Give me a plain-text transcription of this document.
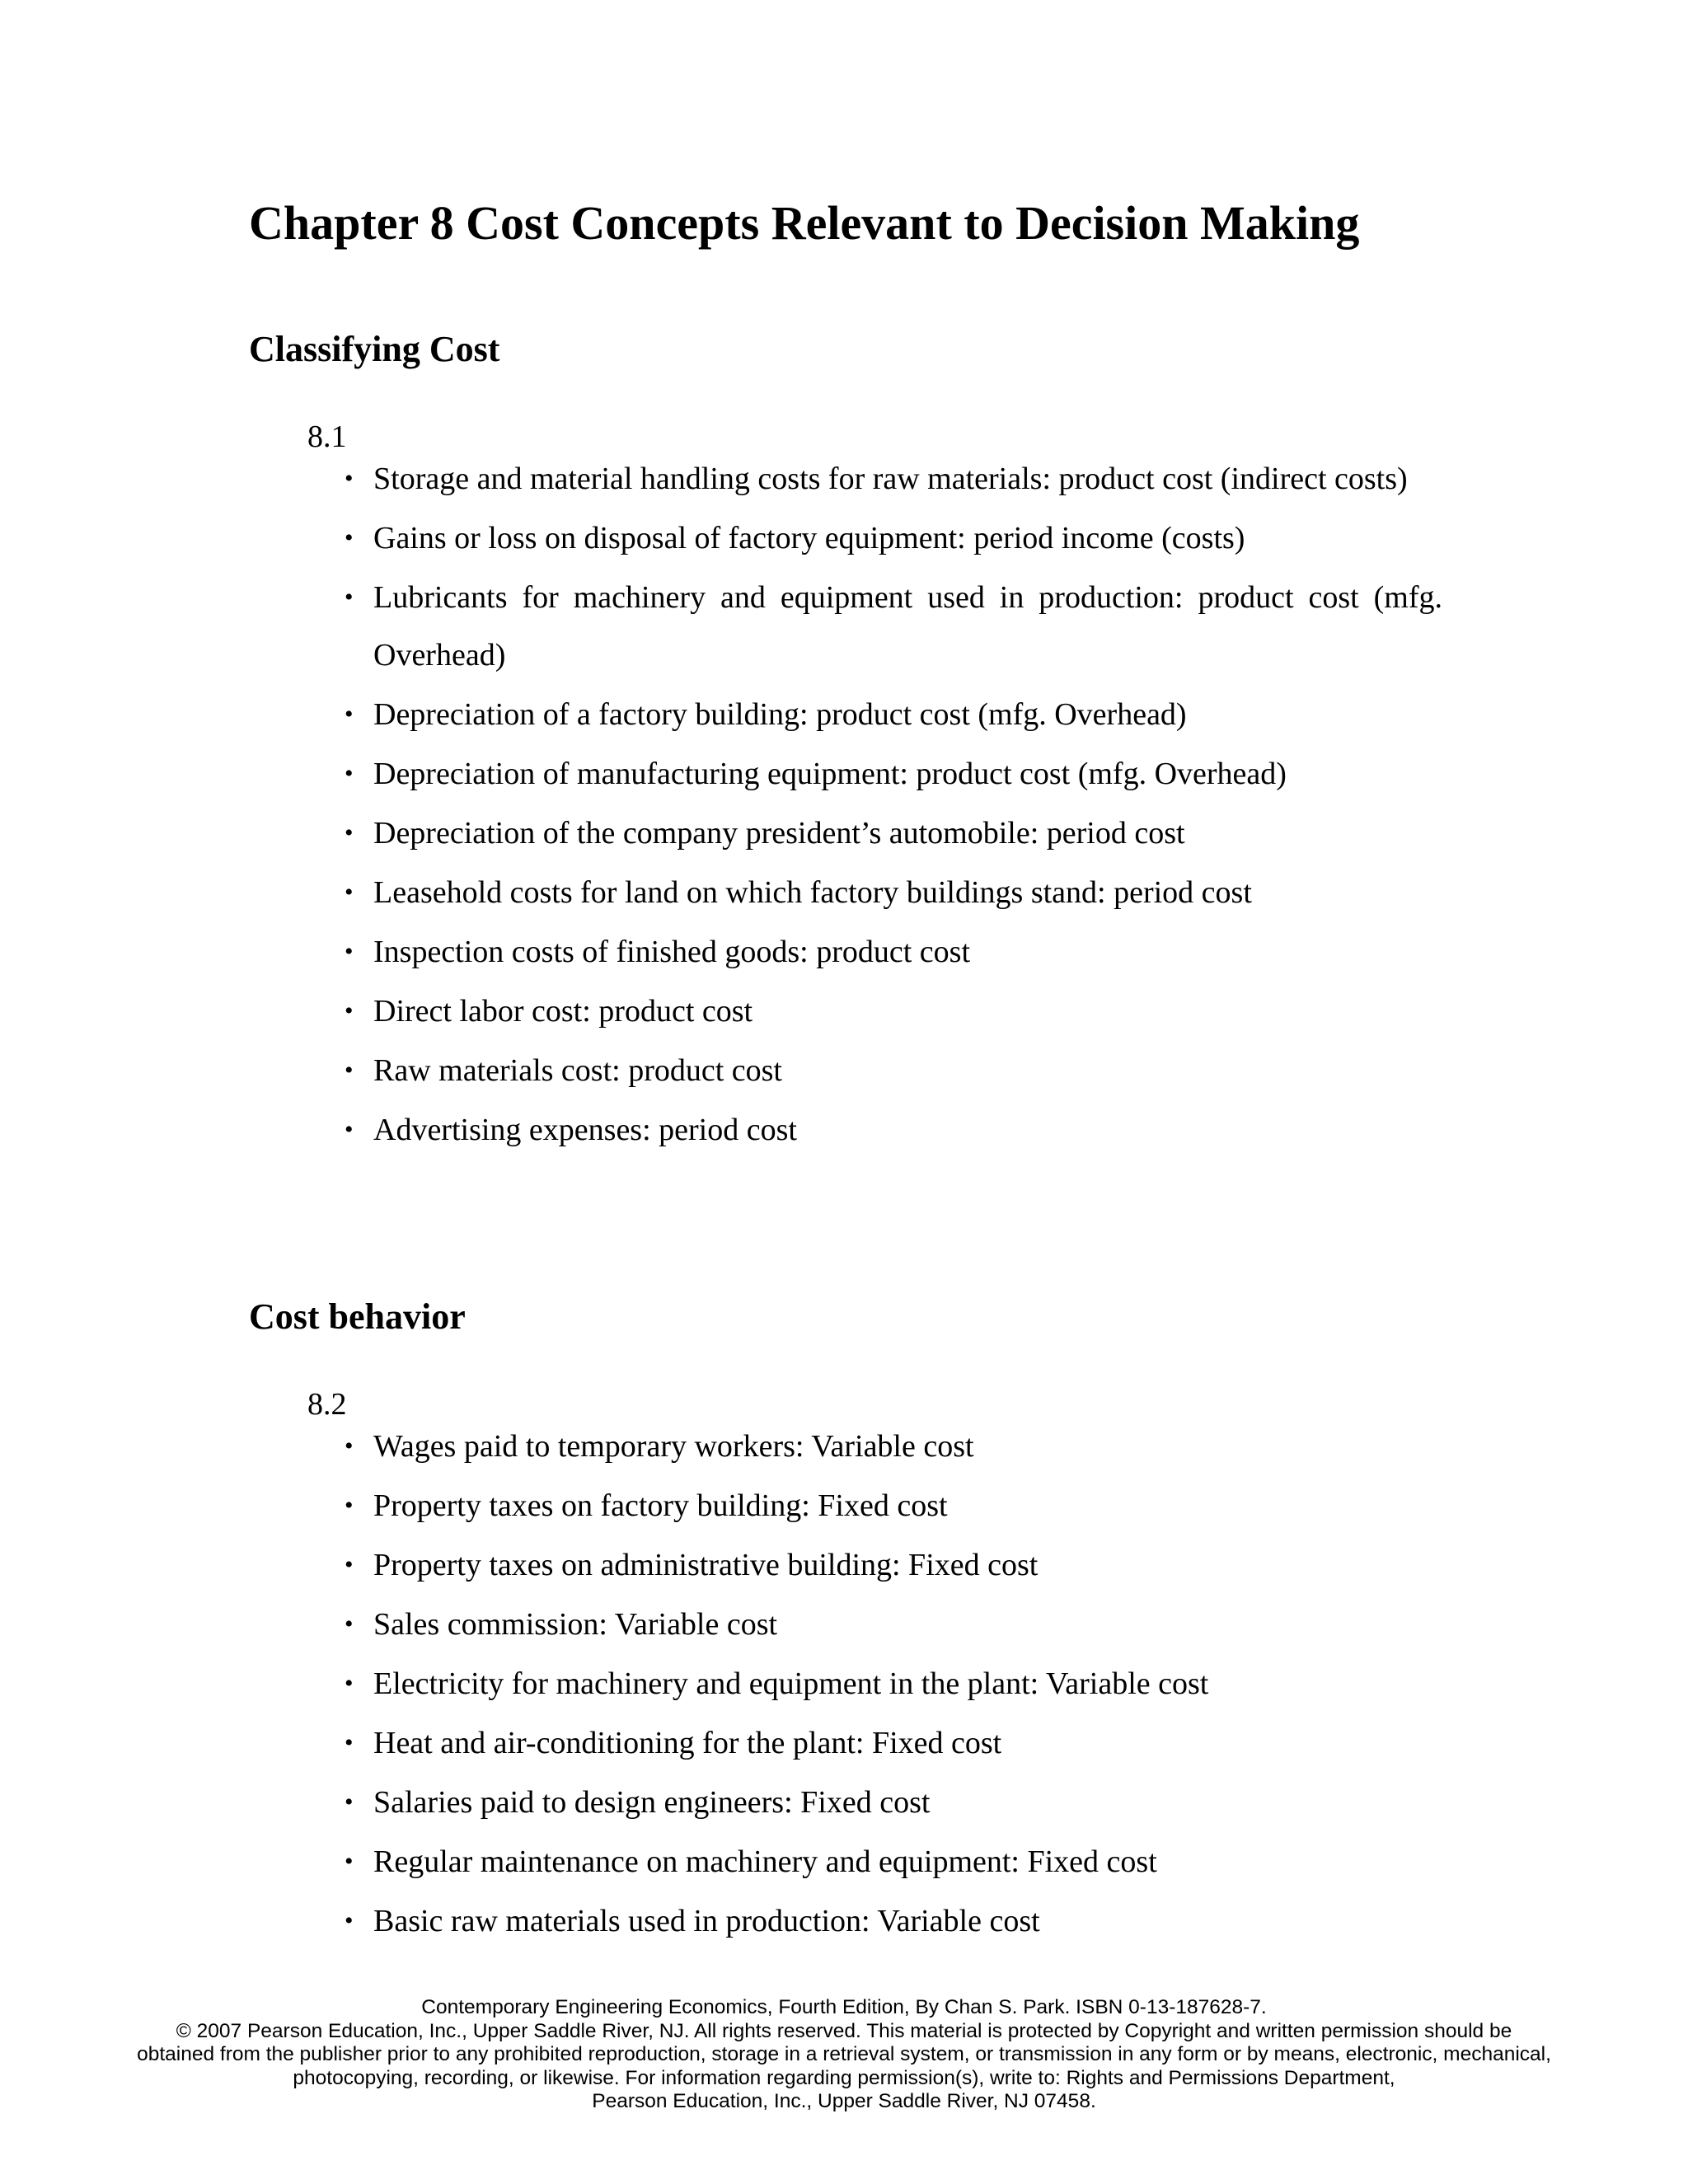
Chapter 8 Cost Concepts Relevant to Decision Making
Classifying Cost
8.1
• Storage and material handling costs for raw materials: product cost (indirect costs)
• Gains or loss on disposal of factory equipment: period income (costs)
• Lubricants for machinery and equipment used in production: product cost (mfg. Overhead)
• Depreciation of a factory building: product cost (mfg. Overhead)
• Depreciation of manufacturing equipment: product cost (mfg. Overhead)
• Depreciation of the company president’s automobile: period cost
• Leasehold costs for land on which factory buildings stand: period cost
• Inspection costs of finished goods: product cost
• Direct labor cost: product cost
• Raw materials cost: product cost
• Advertising expenses: period cost
Cost behavior
8.2
• Wages paid to temporary workers: Variable cost
• Property taxes on factory building: Fixed cost
• Property taxes on administrative building: Fixed cost
• Sales commission: Variable cost
• Electricity for machinery and equipment in the plant: Variable cost
• Heat and air-conditioning for the plant: Fixed cost
• Salaries paid to design engineers: Fixed cost
• Regular maintenance on machinery and equipment: Fixed cost
• Basic raw materials used in production: Variable cost
Contemporary Engineering Economics, Fourth Edition, By Chan S. Park. ISBN 0-13-187628-7.
© 2007 Pearson Education, Inc., Upper Saddle River, NJ. All rights reserved. This material is protected by Copyright and written permission should be
obtained from the publisher prior to any prohibited reproduction, storage in a retrieval system, or transmission in any form or by means, electronic, mechanical,
photocopying, recording, or likewise. For information regarding permission(s), write to: Rights and Permissions Department,
Pearson Education, Inc., Upper Saddle River, NJ 07458.
